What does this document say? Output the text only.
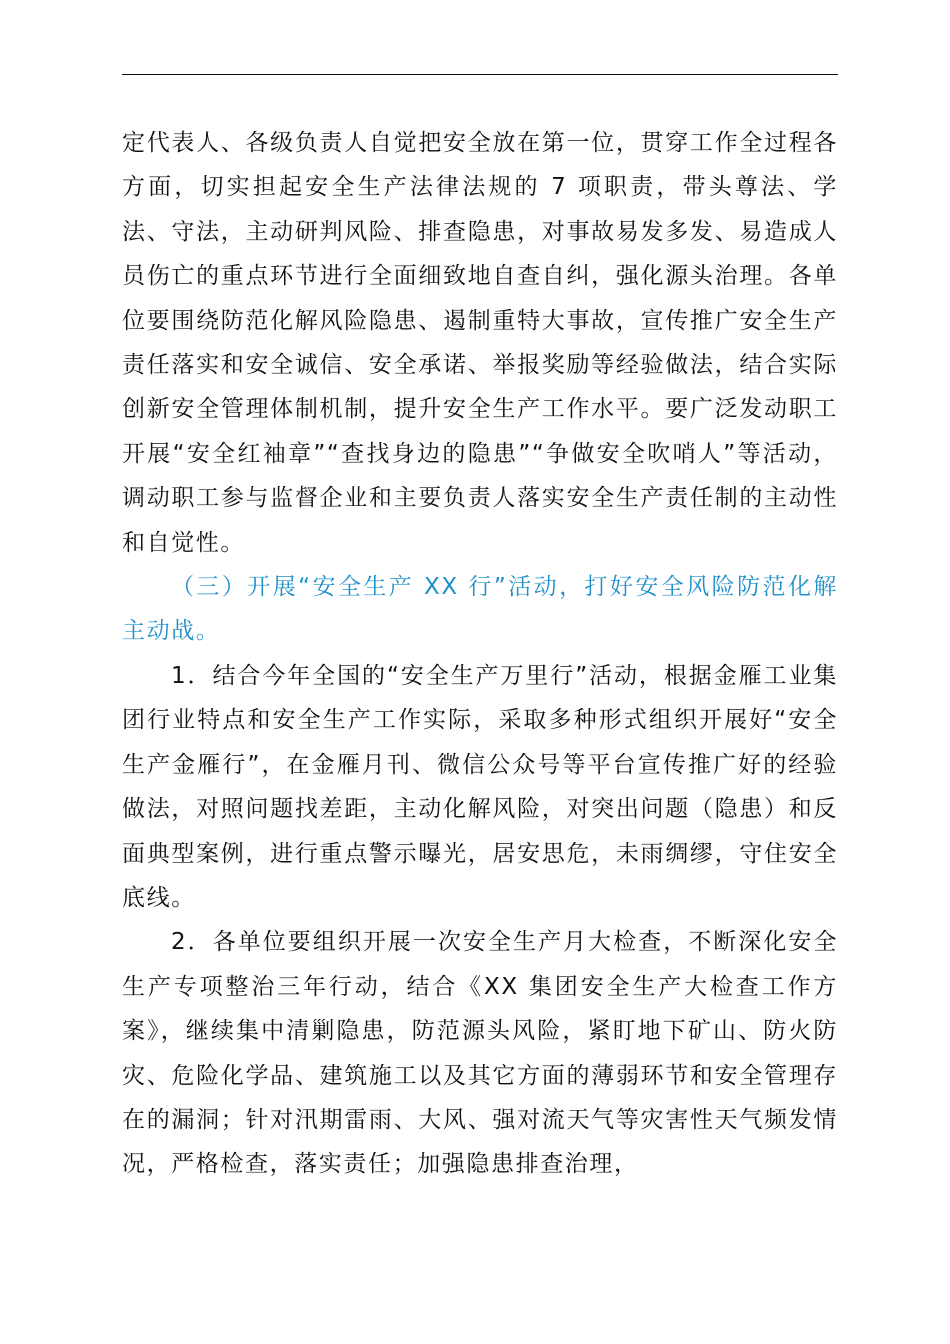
定代表人、各级负责人自觉把安全放在第一位，贯穿工作全过程各方面，切实担起安全生产法律法规的 7 项职责，带头尊法、学法、守法，主动研判风险、排查隐患，对事故易发多发、易造成人员伤亡的重点环节进行全面细致地自查自纠，强化源头治理。各单位要围绕防范化解风险隐患、遏制重特大事故，宣传推广安全生产责任落实和安全诚信、安全承诺、举报奖励等经验做法，结合实际创新安全管理体制机制，提升安全生产工作水平。要广泛发动职工开展“安全红袖章”“查找身边的隐患”“争做安全吹哨人”等活动，调动职工参与监督企业和主要负责人落实安全生产责任制的主动性和自觉性。

（三）开展“安全生产 XX 行”活动，打好安全风险防范化解主动战。

1．结合今年全国的“安全生产万里行”活动，根据金雁工业集团行业特点和安全生产工作实际，采取多种形式组织开展好“安全生产金雁行”，在金雁月刊、微信公众号等平台宣传推广好的经验做法，对照问题找差距，主动化解风险，对突出问题（隐患）和反面典型案例，进行重点警示曝光，居安思危，未雨绸缪，守住安全底线。

2．各单位要组织开展一次安全生产月大检查，不断深化安全生产专项整治三年行动，结合《XX 集团安全生产大检查工作方案》，继续集中清剿隐患，防范源头风险，紧盯地下矿山、防火防灾、危险化学品、建筑施工以及其它方面的薄弱环节和安全管理存在的漏洞；针对汛期雷雨、大风、强对流天气等灾害性天气频发情况，严格检查，落实责任；加强隐患排查治理，
